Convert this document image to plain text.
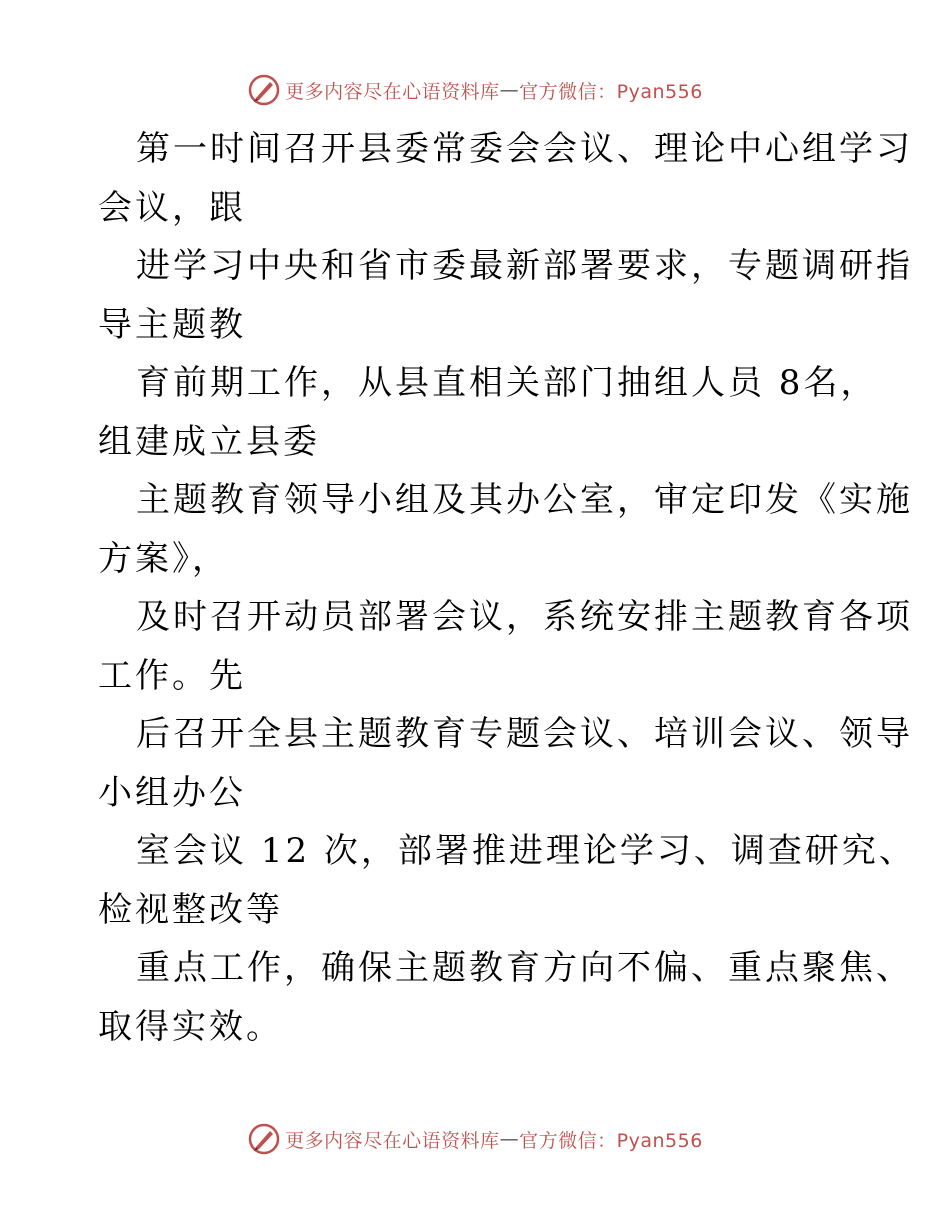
更多内容尽在心语资料库 — 官方微信：Pyan556
第一时间召开县委常委会会议、理论中心组学习
会议，跟
进学习中央和省市委最新部署要求，专题调研指
导主题教
育前期工作，从县直相关部门抽组人员 8名，
组建成立县委
主题教育领导小组及其办公室，审定印发《实施
方案》，
及时召开动员部署会议，系统安排主题教育各项
工作。先
后召开全县主题教育专题会议、培训会议、领导
小组办公
室会议 12 次，部署推进理论学习、调查研究、
检视整改等
重点工作，确保主题教育方向不偏、重点聚焦、
取得实效。
更多内容尽在心语资料库 — 官方微信：Pyan556
